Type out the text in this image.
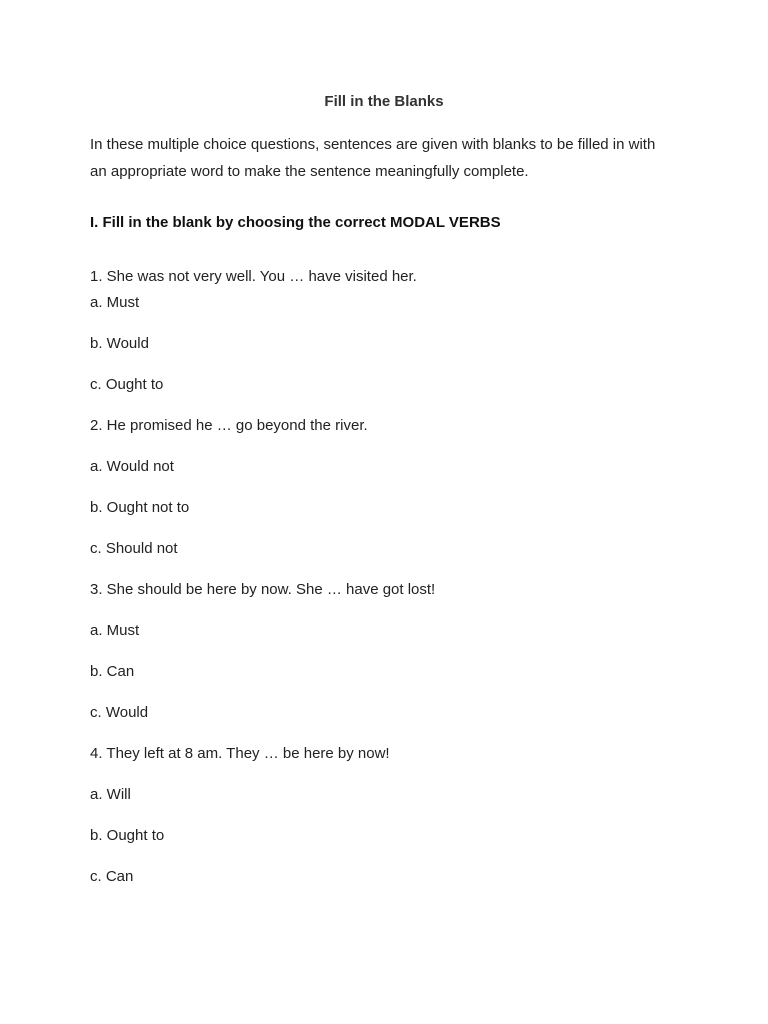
Fill in the Blanks
In these multiple choice questions, sentences are given with blanks to be filled in with
an appropriate word to make the sentence meaningfully complete.
I. Fill in the blank by choosing the correct MODAL VERBS
1. She was not very well. You … have visited her.
a. Must
b. Would
c. Ought to
2. He promised he … go beyond the river.
a. Would not
b. Ought not to
c. Should not
3. She should be here by now. She … have got lost!
a. Must
b. Can
c. Would
4. They left at 8 am. They … be here by now!
a. Will
b. Ought to
c. Can
